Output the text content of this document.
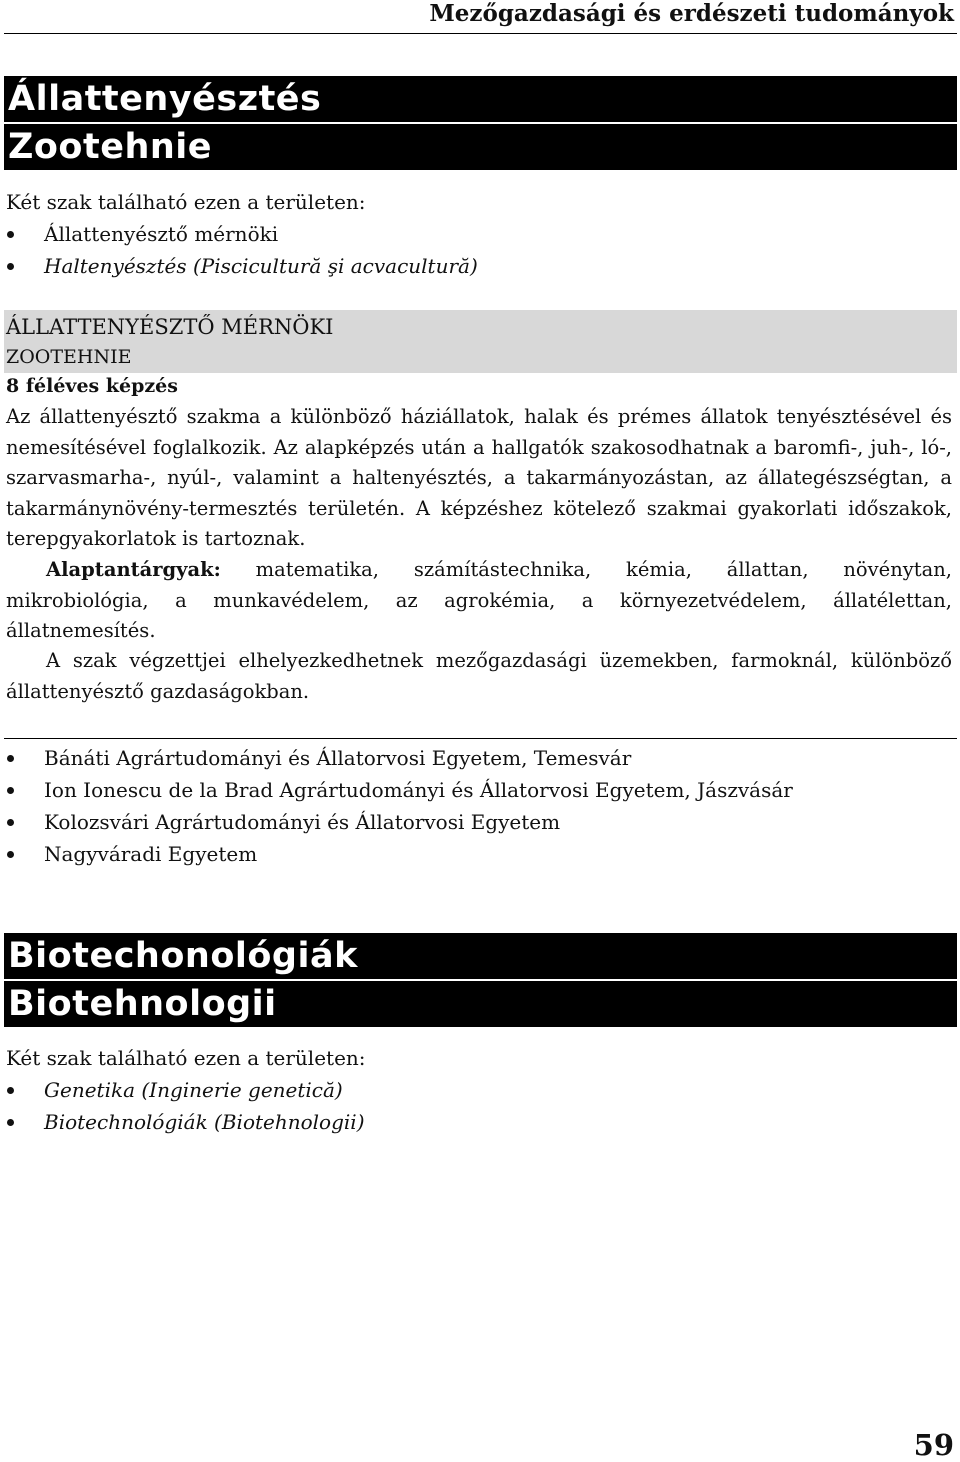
Mezőgazdasági és erdészeti tudományok
Állattenyésztés
Zootehnie
Két szak található ezen a területen:
Állattenyésztő mérnöki
Haltenyésztés (Piscicultură şi acvacultură)
ÁLLATTENYÉSZTŐ MÉRNÖKI
ZOOTEHNIE
8 féléves képzés

Az állattenyésztő szakma a különböző háziállatok, halak és prémes állatok tenyésztésével és nemesítésével foglalkozik. Az alapképzés után a hallgatók szakosodhatnak a baromfi-, juh-, ló-, szarvasmarha-, nyúl-, valamint a haltenyésztés, a takarmányozástan, az állategészségtan, a takarmánynövény-termesztés területén. A képzéshez kötelező szakmai gyakorlati időszakok, terepgyakorlatok is tartoznak.

Alaptantárgyak: matematika, számítástechnika, kémia, állattan, növénytan, mikrobiológia, a munkavédelem, az agrokémia, a környezetvédelem, állatélettan, állatnemesítés.

A szak végzettjei elhelyezkedhetnek mezőgazdasági üzemekben, farmoknál, különböző állattenyésztő gazdaságokban.

Bánáti Agrártudományi és Állatorvosi Egyetem, Temesvár
Ion Ionescu de la Brad Agrártudományi és Állatorvosi Egyetem, Jászvásár
Kolozsvári Agrártudományi és Állatorvosi Egyetem
Nagyváradi Egyetem
Biotechonológiák
Biotehnologii
Két szak található ezen a területen:
Genetika (Inginerie genetică)
Biotechnológiák (Biotehnologii)
59
